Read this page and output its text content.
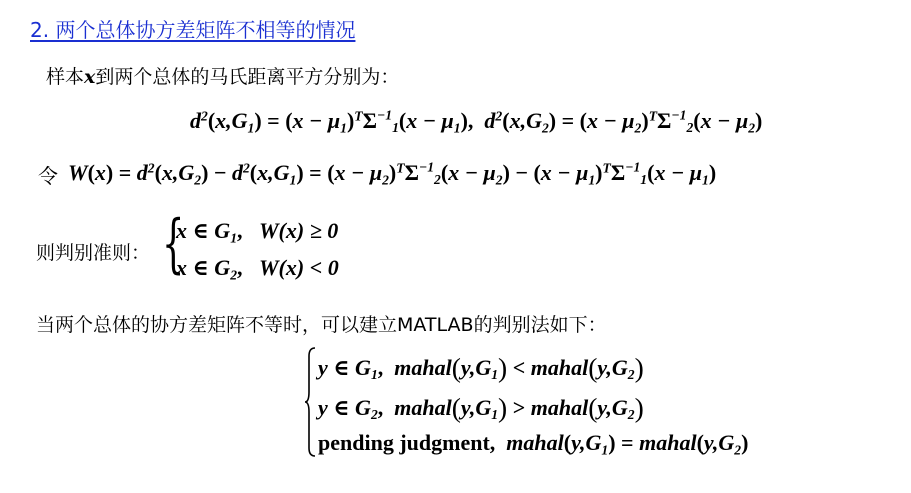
2. 两个总体协方差矩阵不相等的情况
样本x到两个总体的马氏距离平方分别为：
$d^2(x,G_1) = (x - \mu_1)^T\Sigma_{-11}(x - \mu_1)$,  $d^2(x,G_2) = (x - \mu_2)^T\Sigma_{-12}(x - \mu_2)$
令 $W(x) = d^2(x,G_2) - d^2(x,G_1) = (x - \mu_2)^T\Sigma_{-12}(x - \mu_2) - (x - \mu_1)^T\Sigma_{-11}(x - \mu_1)$
则判别准则： {
x ∈ $G_1$,   W(x) ≥ 0
x ∈ $G_2$,   W(x) < 0
当两个总体的协方差矩阵不等时，可以建立MATLAB的判别法如下：
y ∈ $G_1$,  $mahal(y,G_1)$ < $mahal(y,G_2)$
y ∈ $G_2$,  $mahal(y,G_1)$ > $mahal(y,G_2)$
pending judgment,  $mahal(y,G_1)$ = $mahal(y,G_2)$
